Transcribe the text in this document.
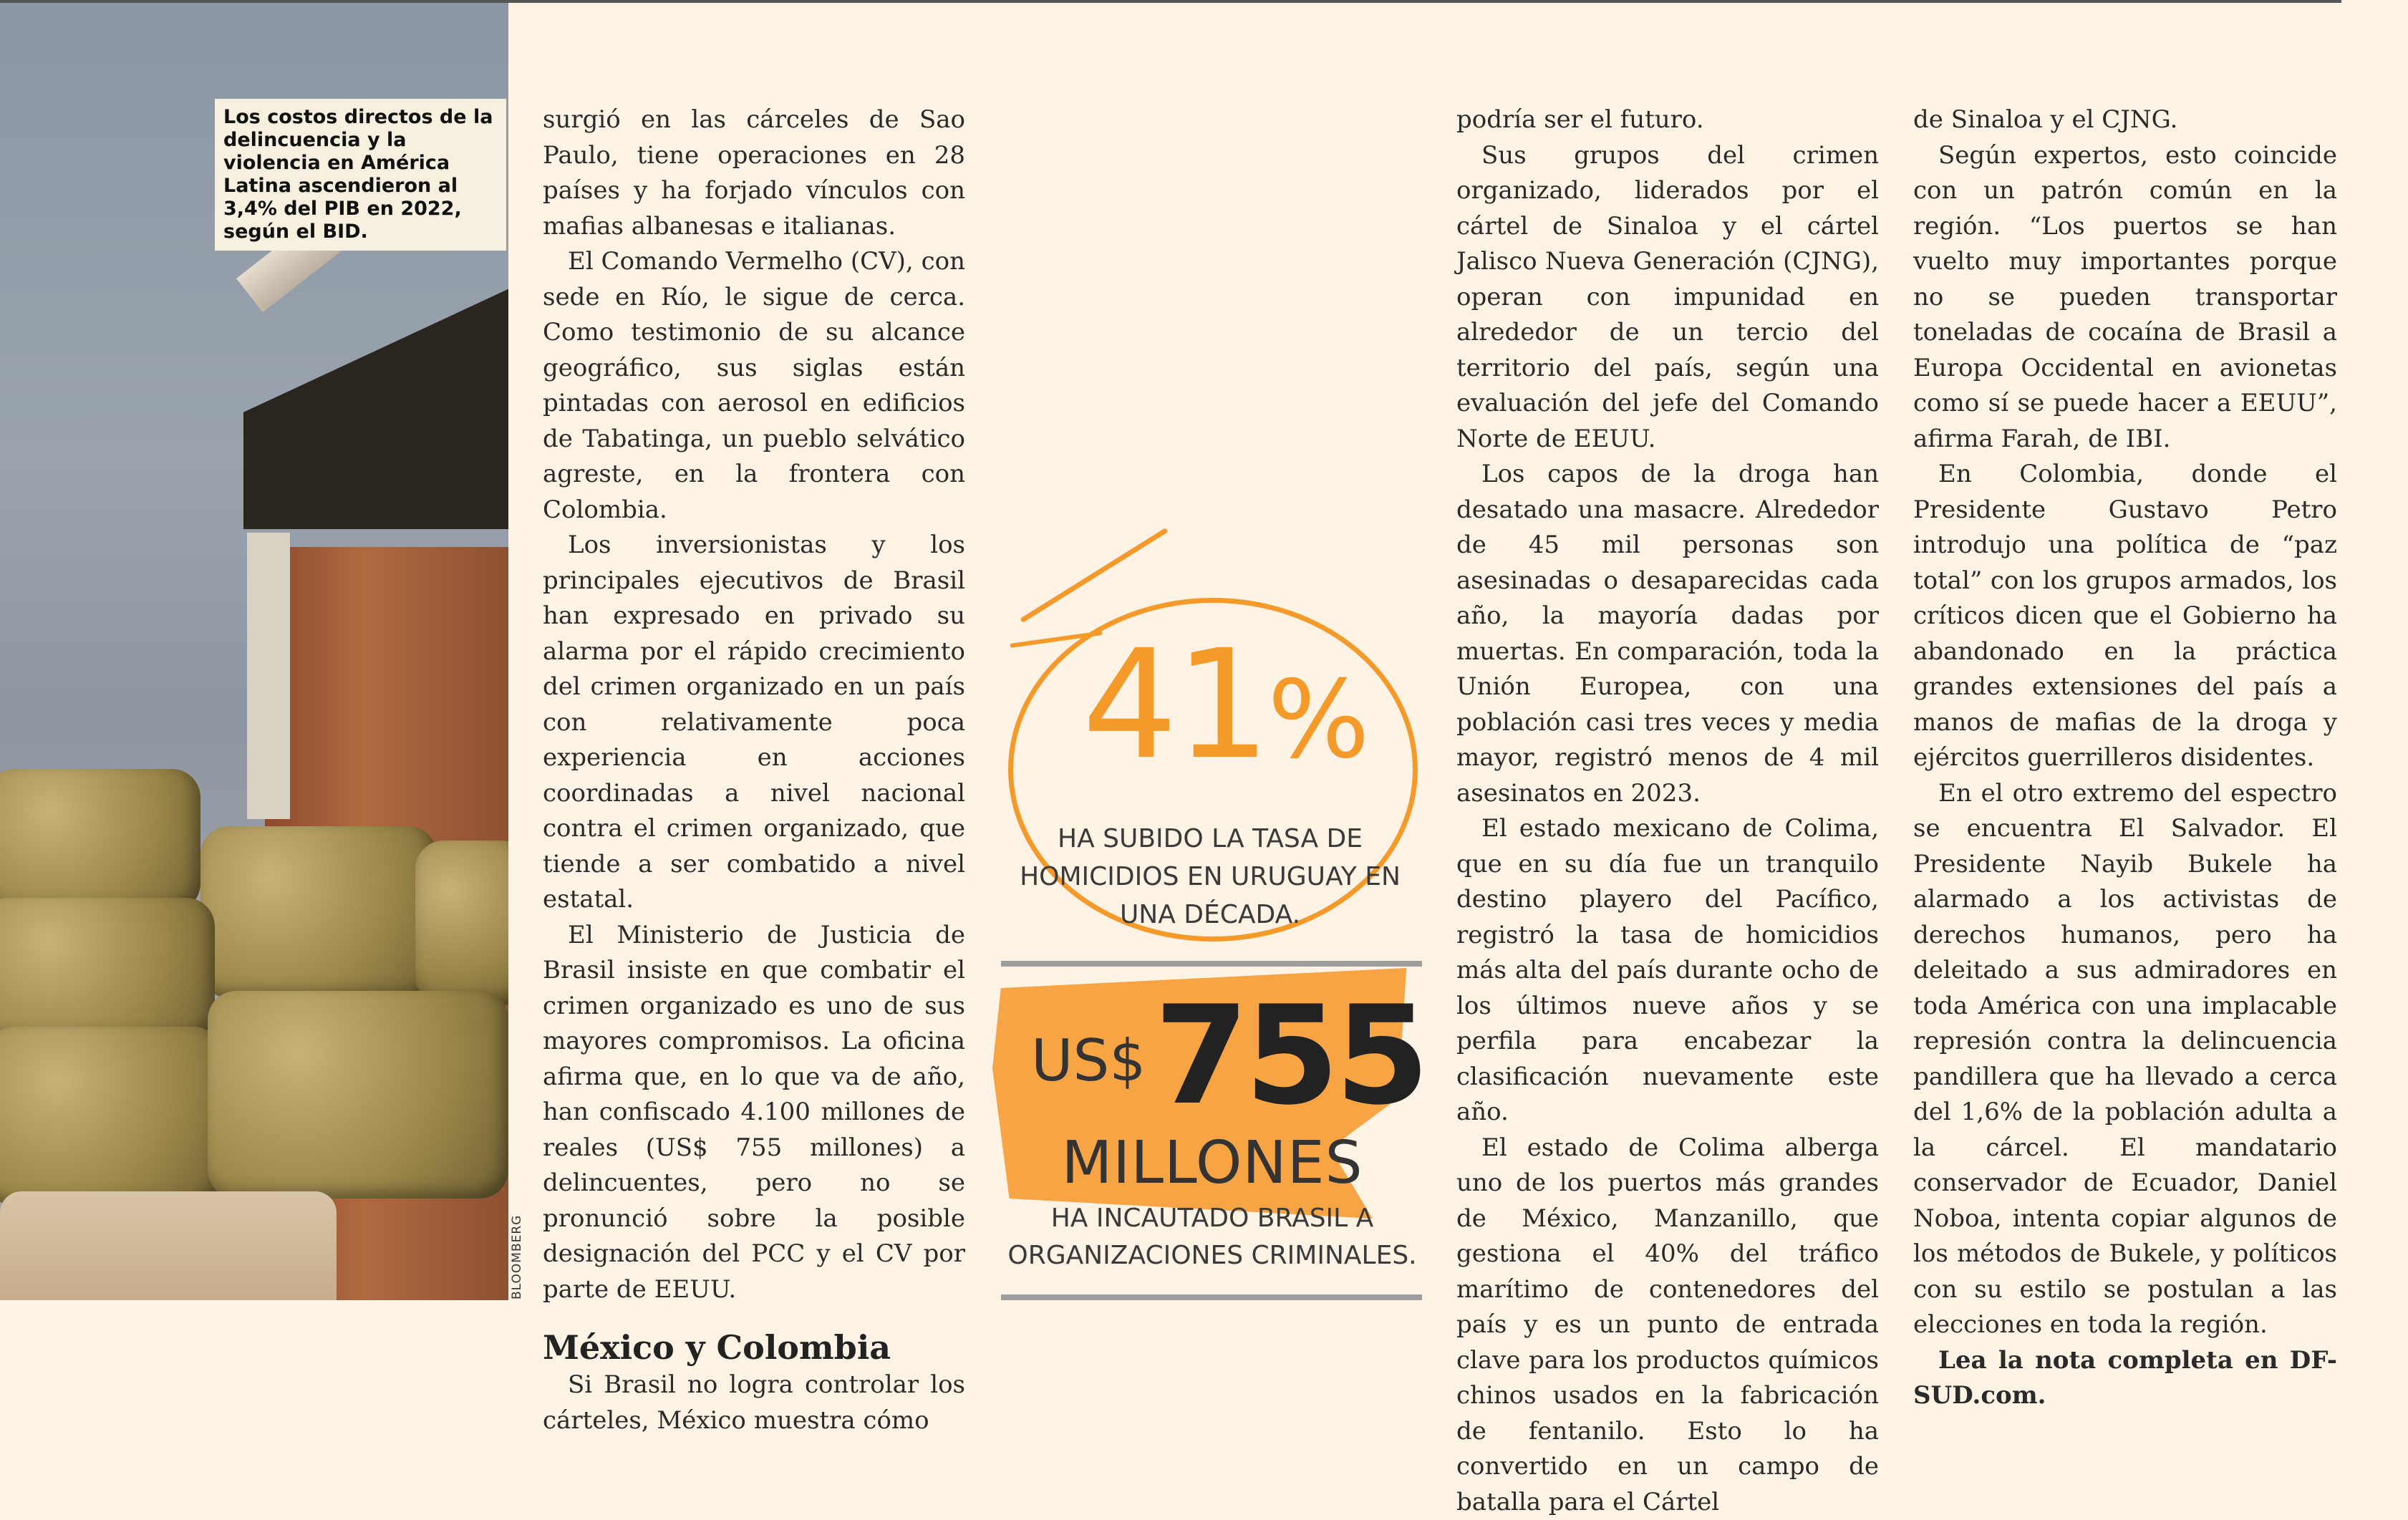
Los costos directos de la delincuencia y la violencia en América Latina ascendieron al 3,4% del PIB en 2022, según el BID.
BLOOMBERG

surgió en las cárceles de Sao Paulo, tiene operaciones en 28 países y ha forjado vínculos con mafias albanesas e italianas.

El Comando Vermelho (CV), con sede en Río, le sigue de cerca. Como testimonio de su alcance geográfico, sus siglas están pintadas con aerosol en edificios de Tabatinga, un pueblo selvático agreste, en la frontera con Colombia.

Los inversionistas y los principales ejecutivos de Brasil han expresado en privado su alarma por el rápido crecimiento del crimen organizado en un país con relativamente poca experiencia en acciones coordinadas a nivel nacional contra el crimen organizado, que tiende a ser combatido a nivel estatal.

El Ministerio de Justicia de Brasil insiste en que combatir el crimen organizado es uno de sus mayores compromisos. La oficina afirma que, en lo que va de año, han confiscado 4.100 millones de reales (US$ 755 millones) a delincuentes, pero no se pronunció sobre la posible designación del PCC y el CV por parte de EEUU.

México y Colombia

Si Brasil no logra controlar los cárteles, México muestra cómo

41%
HA SUBIDO LA TASA DE HOMICIDIOS EN URUGUAY EN UNA DÉCADA.
US$ 755
MILLONES
HA INCAUTADO BRASIL A ORGANIZACIONES CRIMINALES.

podría ser el futuro.

Sus grupos del crimen organizado, liderados por el cártel de Sinaloa y el cártel Jalisco Nueva Generación (CJNG), operan con impunidad en alrededor de un tercio del territorio del país, según una evaluación del jefe del Comando Norte de EEUU.

Los capos de la droga han desatado una masacre. Alrededor de 45 mil personas son asesinadas o desaparecidas cada año, la mayoría dadas por muertas. En comparación, toda la Unión Europea, con una población casi tres veces y media mayor, registró menos de 4 mil asesinatos en 2023.

El estado mexicano de Colima, que en su día fue un tranquilo destino playero del Pacífico, registró la tasa de homicidios más alta del país durante ocho de los últimos nueve años y se perfila para encabezar la clasificación nuevamente este año.

El estado de Colima alberga uno de los puertos más grandes de México, Manzanillo, que gestiona el 40% del tráfico marítimo de contenedores del país y es un punto de entrada clave para los productos químicos chinos usados en la fabricación de fentanilo. Esto lo ha convertido en un campo de batalla para el Cártel

de Sinaloa y el CJNG.

Según expertos, esto coincide con un patrón común en la región. “Los puertos se han vuelto muy importantes porque no se pueden transportar toneladas de cocaína de Brasil a Europa Occidental en avionetas como sí se puede hacer a EEUU”, afirma Farah, de IBI.

En Colombia, donde el Presidente Gustavo Petro introdujo una política de “paz total” con los grupos armados, los críticos dicen que el Gobierno ha abandonado en la práctica grandes extensiones del país a manos de mafias de la droga y ejércitos guerrilleros disidentes.

En el otro extremo del espectro se encuentra El Salvador. El Presidente Nayib Bukele ha alarmado a los activistas de derechos humanos, pero ha deleitado a sus admiradores en toda América con una implacable represión contra la delincuencia pandillera que ha llevado a cerca del 1,6% de la población adulta a la cárcel. El mandatario conservador de Ecuador, Daniel Noboa, intenta copiar algunos de los métodos de Bukele, y políticos con su estilo se postulan a las elecciones en toda la región.

Lea la nota completa en DF-SUD.com.
